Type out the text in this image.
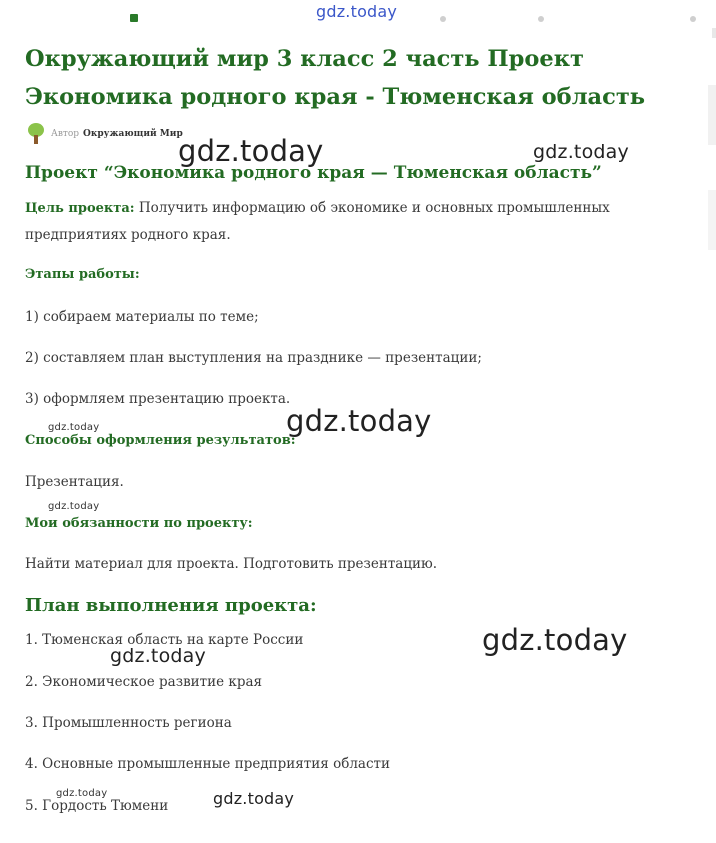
gdz.today
Окружающий мир 3 класс 2 часть Проект
Экономика родного края - Тюменская область
Автор Окружающий Мир
gdz.today	gdz.today
Проект “Экономика родного края — Тюменская область”
Цель проекта: Получить информацию об экономике и основных промышленных
предприятиях родного края.
Этапы работы:
1) собираем материалы по теме;
2) составляем план выступления на празднике — презентации;
3) оформляем презентацию проекта.
gdz.today
gdz.today
Способы оформления результатов:
Презентация.
gdz.today
Мои обязанности по проекту:
Найти материал для проекта. Подготовить презентацию.
План выполнения проекта:
1. Тюменская область на карте России	gdz.today
gdz.today
2. Экономическое развитие края
3. Промышленность региона
4. Основные промышленные предприятия области
gdz.today	gdz.today
5. Гордость Тюмени
